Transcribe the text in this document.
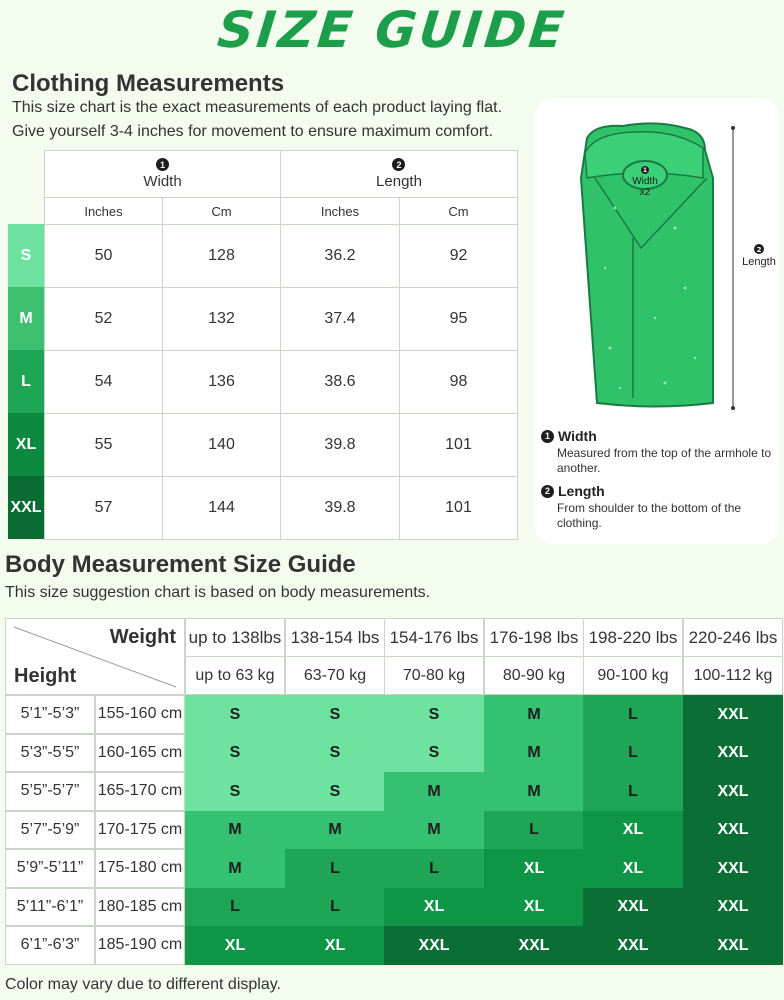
SIZE GUIDE
Clothing Measurements
This size chart is the exact measurements of each product laying flat.
Give yourself 3-4 inches for movement to ensure maximum comfort.
1
Width
2
Length
Inches	Cm	Inches	Cm
S	50	128	36.2	92
M	52	132	37.4	95
L	54	136	38.6	98
XL	55	140	39.8	101
XXL	57	144	39.8	101
1
Width
x2
2
Length
1 Width
Measured from the top of the armhole to
another.
2 Length
From shoulder to the bottom of the clothing.
Body Measurement Size Guide
This size suggestion chart is based on body measurements.
Weight
Height
up to 138lbs
up to 63 kg
138-154 lbs
63-70 kg
154-176 lbs
70-80 kg
176-198 lbs
80-90 kg
198-220 lbs
90-100 kg
220-246 lbs
100-112 kg
5’1”-5’3”	155-160 cm	S	S	S	M	L	XXL
5’3”-5’5”	160-165 cm	S	S	S	M	L	XXL
5’5”-5’7”	165-170 cm	S	S	M	M	L	XXL
5’7”-5’9”	170-175 cm	M	M	M	L	XL	XXL
5’9”-5’11” 175-180 cm	M	L	L	XL	XL	XXL
5’11”-6’1” 180-185 cm	L	L	XL	XL	XXL	XXL
6’1”-6’3”	185-190 cm	XL	XL	XXL	XXL	XXL	XXL
Color may vary due to different display.
